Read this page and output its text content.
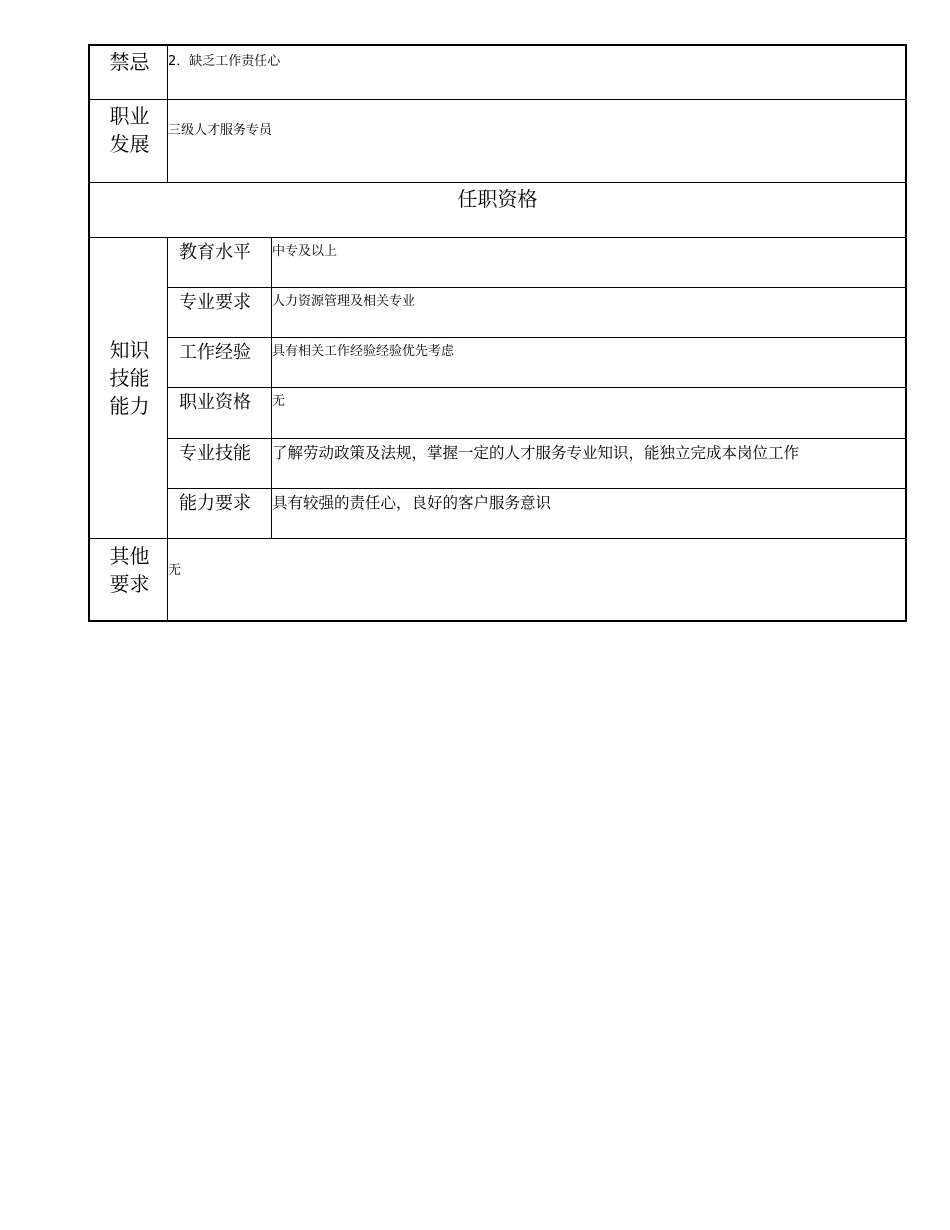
禁忌	2．缺乏工作责任心
职业
发展
三级人才服务专员
任职资格
知识
技能
能力
教育水平 中专及以上
专业要求 人力资源管理及相关专业
工作经验 具有相关工作经验经验优先考虑
职业资格 无
专业技能 了解劳动政策及法规，掌握一定的人才服务专业知识，能独立完成本岗位工作
能力要求 具有较强的责任心，良好的客户服务意识
其他
要求
无
